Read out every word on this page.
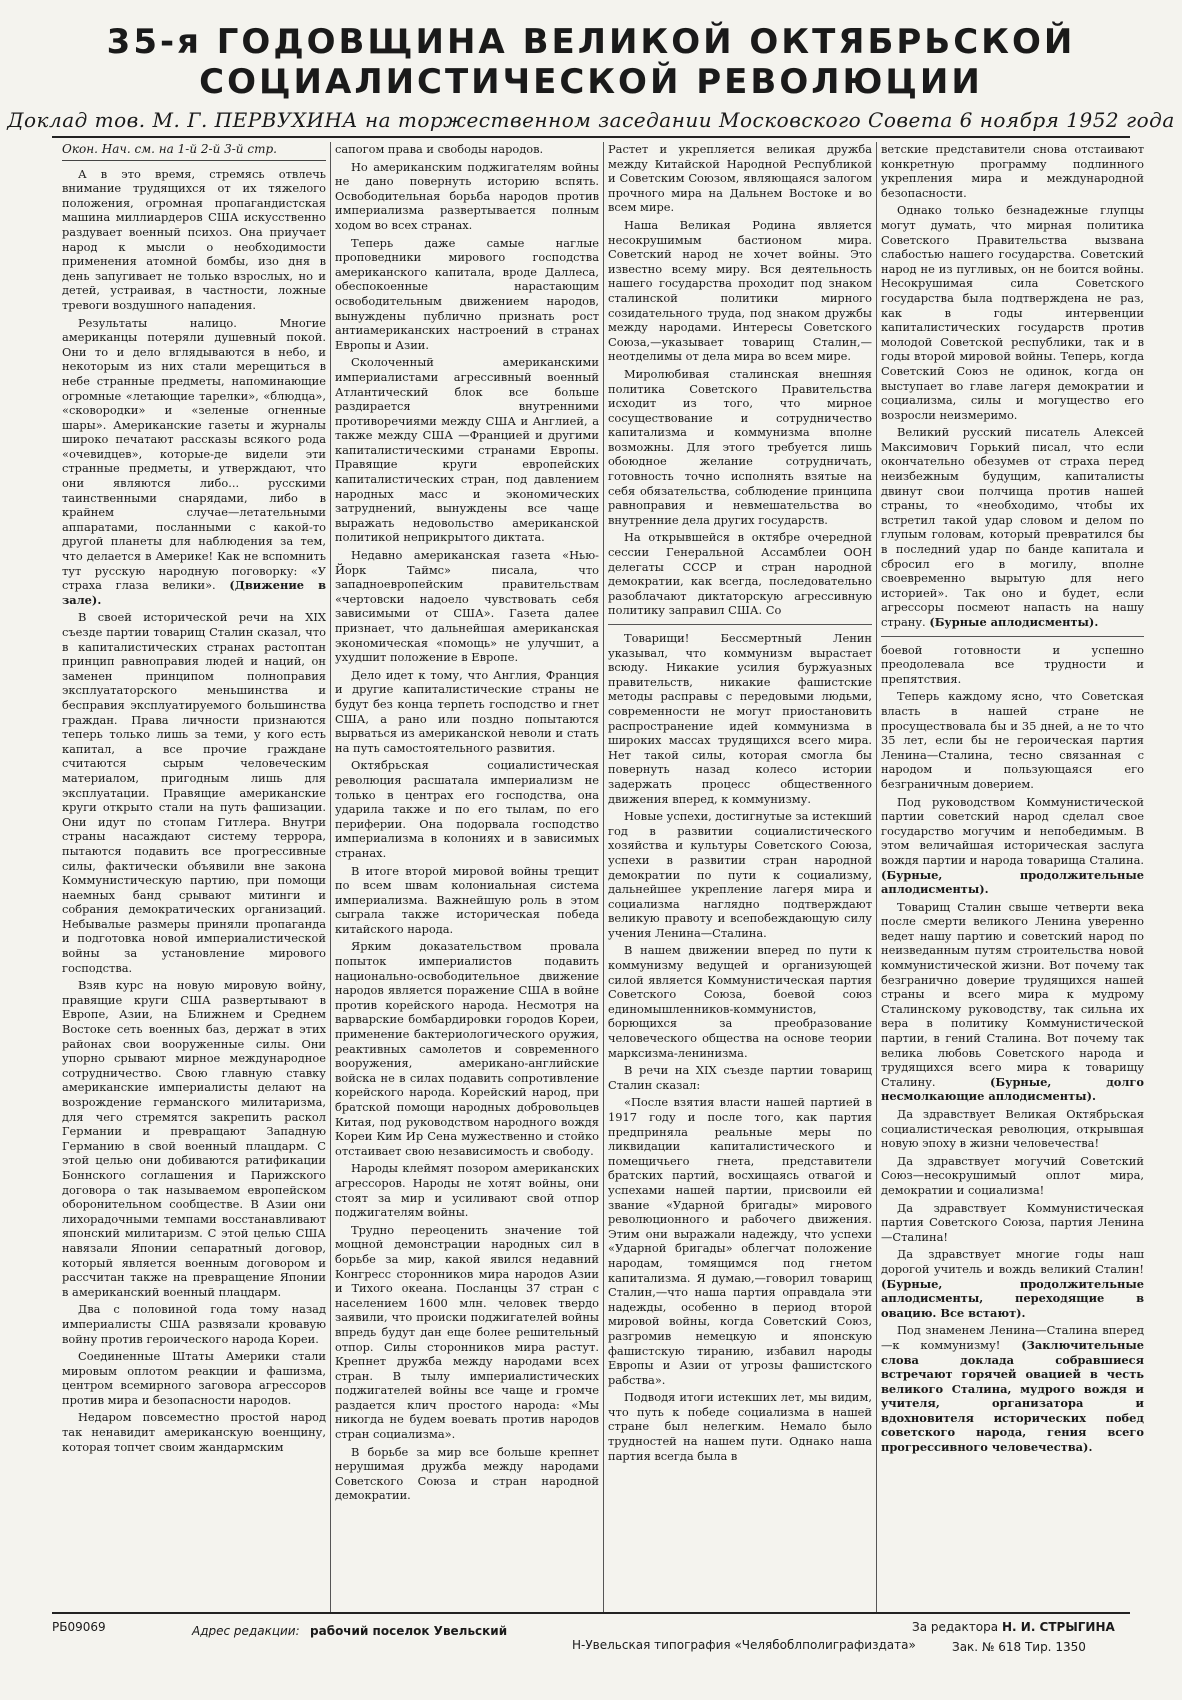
35-я ГОДОВЩИНА ВЕЛИКОЙ ОКТЯБРЬСКОЙ
СОЦИАЛИСТИЧЕСКОЙ РЕВОЛЮЦИИ
Доклад тов. М. Г. ПЕРВУХИНА на торжественном заседании Московского Совета 6 ноября 1952 года

Окон. Нач. см. на 1-й 2-й 3-й стр.

А в это время, стремясь отвлечь внимание трудящихся от их тяжелого положения, огромная пропагандистская машина миллиардеров США искусственно раздувает военный психоз. Она приучает народ к мысли о необходимости применения атомной бомбы, изо дня в день запугивает не только взрослых, но и детей, устраивая, в частности, ложные тревоги воздушного нападения.

Результаты налицо. Многие американцы потеряли душевный покой. Они то и дело вглядываются в небо, и некоторым из них стали мерещиться в небе странные предметы, напоминающие огромные «летающие тарелки», «блюдца», «сковородки» и «зеленые огненные шары». Американские газеты и журналы широко печатают рассказы всякого рода «очевидцев», которые-де видели эти странные предметы, и утверждают, что они являются либо... русскими таинственными снарядами, либо в крайнем случае—летательными аппаратами, посланными с какой-то другой планеты для наблюдения за тем, что делается в Америке! Как не вспомнить тут русскую народную поговорку: «У страха глаза велики». (Движение в зале).

В своей исторической речи на XIX съезде партии товарищ Сталин сказал, что в капиталистических странах растоптан принцип равноправия людей и наций, он заменен принципом полноправия эксплуататорского меньшинства и бесправия эксплуатируемого большинства граждан. Права личности признаются теперь только лишь за теми, у кого есть капитал, а все прочие граждане считаются сырым человеческим материалом, пригодным лишь для эксплуатации. Правящие американские круги открыто стали на путь фашизации. Они идут по стопам Гитлера. Внутри страны насаждают систему террора, пытаются подавить все прогрессивные силы, фактически объявили вне закона Коммунистическую партию, при помощи наемных банд срывают митинги и собрания демократических организаций. Небывалые размеры приняли пропаганда и подготовка новой империалистической войны за установление мирового господства.

Взяв курс на новую мировую войну, правящие круги США развертывают в Европе, Азии, на Ближнем и Среднем Востоке сеть военных баз, держат в этих районах свои вооруженные силы. Они упорно срывают мирное международное сотрудничество. Свою главную ставку американские империалисты делают на возрождение германского милитаризма, для чего стремятся закрепить раскол Германии и превращают Западную Германию в свой военный плацдарм. С этой целью они добиваются ратификации Боннского соглашения и Парижского договора о так называемом европейском оборонительном сообществе. В Азии они лихорадочными темпами восстанавливают японский милитаризм. С этой целью США навязали Японии сепаратный договор, который является военным договором и рассчитан также на превращение Японии в американский военный плацдарм.

Два с половиной года тому назад империалисты США развязали кровавую войну против героического народа Кореи.

Соединенные Штаты Америки стали мировым оплотом реакции и фашизма, центром всемирного заговора агрессоров против мира и безопасности народов.

Недаром повсеместно простой народ так ненавидит американскую военщину, которая топчет своим жандармским

сапогом права и свободы народов.

Но американским поджигателям войны не дано повернуть историю вспять. Освободительная борьба народов против империализма развертывается полным ходом во всех странах.

Теперь даже самые наглые проповедники мирового господства американского капитала, вроде Даллеса, обеспокоенные нарастающим освободительным движением народов, вынуждены публично признать рост антиамериканских настроений в странах Европы и Азии.

Сколоченный американскими империалистами агрессивный военный Атлантический блок все больше раздирается внутренними противоречиями между США и Англией, а также между США —Францией и другими капиталистическими странами Европы. Правящие круги европейских капиталистических стран, под давлением народных масс и экономических затруднений, вынуждены все чаще выражать недовольство американской политикой неприкрытого диктата.

Недавно американская газета «Нью-Йорк Таймс» писала, что западноевропейским правительствам «чертовски надоело чувствовать себя зависимыми от США». Газета далее признает, что дальнейшая американская экономическая «помощь» не улучшит, а ухудшит положение в Европе.

Дело идет к тому, что Англия, Франция и другие капиталистические страны не будут без конца терпеть господство и гнет США, а рано или поздно попытаются вырваться из американской неволи и стать на путь самостоятельного развития.

Октябрьская социалистическая революция расшатала империализм не только в центрах его господства, она ударила также и по его тылам, по его периферии. Она подорвала господство империализма в колониях и в зависимых странах.

В итоге второй мировой войны трещит по всем швам колониальная система империализма. Важнейшую роль в этом сыграла также историческая победа китайского народа.

Ярким доказательством провала попыток империалистов подавить национально-освободительное движение народов является поражение США в войне против корейского народа. Несмотря на варварские бомбардировки городов Кореи, применение бактериологического оружия, реактивных самолетов и современного вооружения, американо-английские войска не в силах подавить сопротивление корейского народа. Корейский народ, при братской помощи народных добровольцев Китая, под руководством народного вождя Кореи Ким Ир Сена мужественно и стойко отстаивает свою независимость и свободу.

Народы клеймят позором американских агрессоров. Народы не хотят войны, они стоят за мир и усиливают свой отпор поджигателям войны.

Трудно переоценить значение той мощной демонстрации народных сил в борьбе за мир, какой явился недавний Конгресс сторонников мира народов Азии и Тихого океана. Посланцы 37 стран с населением 1600 млн. человек твердо заявили, что происки поджигателей войны впредь будут дан еще более решительный отпор. Силы сторонников мира растут. Крепнет дружба между народами всех стран. В тылу империалистических поджигателей войны все чаще и громче раздается клич простого народа: «Мы никогда не будем воевать против народов стран социализма».

В борьбе за мир все больше крепнет нерушимая дружба между народами Советского Союза и стран народной демократии.

Растет и укрепляется великая дружба между Китайской Народной Республикой и Советским Союзом, являющаяся залогом прочного мира на Дальнем Востоке и во всем мире.

Наша Великая Родина является несокрушимым бастионом мира. Советский народ не хочет войны. Это известно всему миру. Вся деятельность нашего государства проходит под знаком сталинской политики мирного созидательного труда, под знаком дружбы между народами. Интересы Советского Союза,—указывает товарищ Сталин,—неотделимы от дела мира во всем мире.

Миролюбивая сталинская внешняя политика Советского Правительства исходит из того, что мирное сосуществование и сотрудничество капитализма и коммунизма вполне возможны. Для этого требуется лишь обоюдное желание сотрудничать, готовность точно исполнять взятые на себя обязательства, соблюдение принципа равноправия и невмешательства во внутренние дела других государств.

На открывшейся в октябре очередной сессии Генеральной Ассамблеи ООН делегаты СССР и стран народной демократии, как всегда, последовательно разоблачают диктаторскую агрессивную политику заправил США. Со

Товарищи! Бессмертный Ленин указывал, что коммунизм вырастает всюду. Никакие усилия буржуазных правительств, никакие фашистские методы расправы с передовыми людьми, современности не могут приостановить распространение идей коммунизма в широких массах трудящихся всего мира. Нет такой силы, которая смогла бы повернуть назад колесо истории задержать процесс общественного движения вперед, к коммунизму.

Новые успехи, достигнутые за истекший год в развитии социалистического хозяйства и культуры Советского Союза, успехи в развитии стран народной демократии по пути к социализму, дальнейшее укрепление лагеря мира и социализма наглядно подтверждают великую правоту и всепобеждающую силу учения Ленина—Сталина.

В нашем движении вперед по пути к коммунизму ведущей и организующей силой является Коммунистическая партия Советского Союза, боевой союз единомышленников-коммунистов, борющихся за преобразование человеческого общества на основе теории марксизма-ленинизма.

В речи на XIX съезде партии товарищ Сталин сказал:

«После взятия власти нашей партией в 1917 году и после того, как партия предприняла реальные меры по ликвидации капиталистического и помещичьего гнета, представители братских партий, восхищаясь отвагой и успехами нашей партии, присвоили ей звание «Ударной бригады» мирового революционного и рабочего движения. Этим они выражали надежду, что успехи «Ударной бригады» облегчат положение народам, томящимся под гнетом капитализма. Я думаю,—говорил товарищ Сталин,—что наша партия оправдала эти надежды, особенно в период второй мировой войны, когда Советский Союз, разгромив немецкую и японскую фашистскую тиранию, избавил народы Европы и Азии от угрозы фашистского рабства».

Подводя итоги истекших лет, мы видим, что путь к победе социализма в нашей стране был нелегким. Немало было трудностей на нашем пути. Однако наша партия всегда была в

ветские представители снова отстаивают конкретную программу подлинного укрепления мира и международной безопасности.

Однако только безнадежные глупцы могут думать, что мирная политика Советского Правительства вызвана слабостью нашего государства. Советский народ не из пугливых, он не боится войны. Несокрушимая сила Советского государства была подтверждена не раз, как в годы интервенции капиталистических государств против молодой Советской республики, так и в годы второй мировой войны. Теперь, когда Советский Союз не одинок, когда он выступает во главе лагеря демократии и социализма, силы и могущество его возросли неизмеримо.

Великий русский писатель Алексей Максимович Горький писал, что если окончательно обезумев от страха перед неизбежным будущим, капиталисты двинут свои полчища против нашей страны, то «необходимо, чтобы их встретил такой удар словом и делом по глупым головам, который превратился бы в последний удар по банде капитала и сбросил его в могилу, вполне своевременно вырытую для него историей». Так оно и будет, если агрессоры посмеют напасть на нашу страну. (Бурные аплодисменты).

боевой готовности и успешно преодолевала все трудности и препятствия.

Теперь каждому ясно, что Советская власть в нашей стране не просуществовала бы и 35 дней, а не то что 35 лет, если бы не героическая партия Ленина—Сталина, тесно связанная с народом и пользующаяся его безграничным доверием.

Под руководством Коммунистической партии советский народ сделал свое государство могучим и непобедимым. В этом величайшая историческая заслуга вождя партии и народа товарища Сталина. (Бурные, продолжительные аплодисменты).

Товарищ Сталин свыше четверти века после смерти великого Ленина уверенно ведет нашу партию и советский народ по неизведанным путям строительства новой коммунистической жизни. Вот почему так безгранично доверие трудящихся нашей страны и всего мира к мудрому Сталинскому руководству, так сильна их вера в политику Коммунистической партии, в гений Сталина. Вот почему так велика любовь Советского народа и трудящихся всего мира к товарищу Сталину.	(Бурные, долго несмолкающие аплодисменты).

Да здравствует Великая Октябрьская социалистическая революция, открывшая новую эпоху в жизни человечества!

Да здравствует могучий Советский Союз—несокрушимый оплот мира, демократии и социализма!

Да здравствует Коммунистическая партия Советского Союза, партия Ленина—Сталина!

Да здравствует многие годы наш дорогой учитель и вождь великий Сталин! (Бурные, продолжительные аплодисменты, переходящие в овацию. Все встают).

Под знаменем Ленина—Сталина вперед—к коммунизму! (Заключительные слова доклада собравшиеся встречают горячей овацией в честь великого Сталина, мудрого вождя и учителя, организатора и вдохновителя исторических побед советского народа, гения всего прогрессивного человечества).

РБ09069	Адрес редакции: рабочий поселок Увельский	За редактора Н. И. СТРЫГИНА
Н-Увельская типография «Челябоблполиграфиздата»	Зак. № 618 Тир. 1350
